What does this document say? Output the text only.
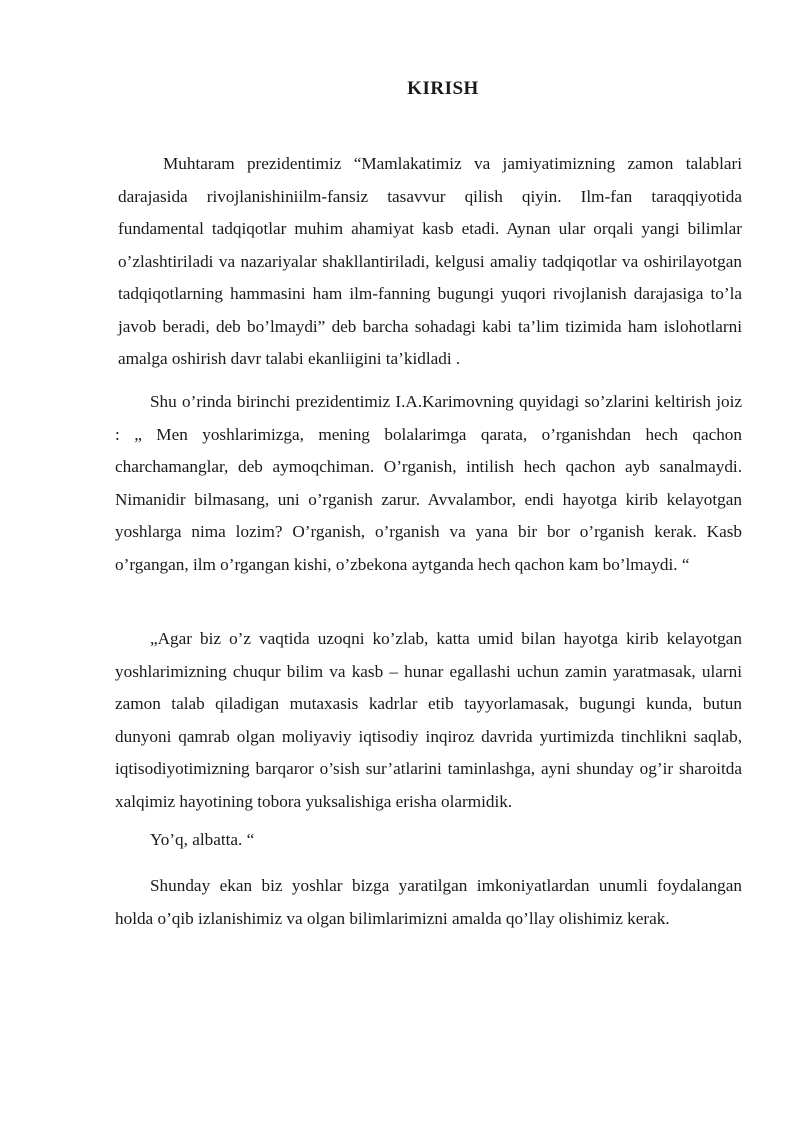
KIRISH

Muhtaram prezidentimiz “Mamlakatimiz va jamiyatimizning zamon talablari darajasida rivojlanishiniilm-fansiz tasavvur qilish qiyin. Ilm-fan taraqqiyotida fundamental tadqiqotlar muhim ahamiyat kasb etadi. Aynan ular orqali yangi bilimlar o’zlashtiriladi va nazariyalar shakllantiriladi, kelgusi amaliy tadqiqotlar va oshirilayotgan tadqiqotlarning hammasini ham ilm-fanning bugungi yuqori rivojlanish darajasiga to’la javob beradi, deb bo’lmaydi” deb barcha sohadagi kabi ta’lim tizimida ham islohotlarni amalga oshirish davr talabi ekanliigini ta’kidladi .

Shu o’rinda birinchi prezidentimiz I.A.Karimovning quyidagi so’zlarini keltirish joiz : „ Men yoshlarimizga, mening bolalarimga qarata, o’rganishdan hech qachon charchamanglar, deb aymoqchiman. O’rganish, intilish hech qachon ayb sanalmaydi. Nimanidir bilmasang, uni o’rganish zarur. Avvalambor, endi hayotga kirib kelayotgan yoshlarga nima lozim? O’rganish, o’rganish va yana bir bor o’rganish kerak. Kasb o’rgangan, ilm o’rgangan kishi, o’zbekona aytganda hech qachon kam bo’lmaydi. “

„Agar biz o’z vaqtida uzoqni ko’zlab, katta umid bilan hayotga kirib kelayotgan yoshlarimizning chuqur bilim va kasb – hunar egallashi uchun zamin yaratmasak, ularni zamon talab qiladigan mutaxasis kadrlar etib tayyorlamasak, bugungi kunda, butun dunyoni qamrab olgan moliyaviy iqtisodiy inqiroz davrida yurtimizda tinchlikni saqlab, iqtisodiyotimizning barqaror o’sish sur’atlarini taminlashga, ayni shunday og’ir sharoitda xalqimiz hayotining tobora yuksalishiga erisha olarmidik.

Yo’q, albatta. “

Shunday ekan biz yoshlar bizga yaratilgan imkoniyatlardan unumli foydalangan holda o’qib izlanishimiz va olgan bilimlarimizni amalda qo’llay olishimiz kerak.
